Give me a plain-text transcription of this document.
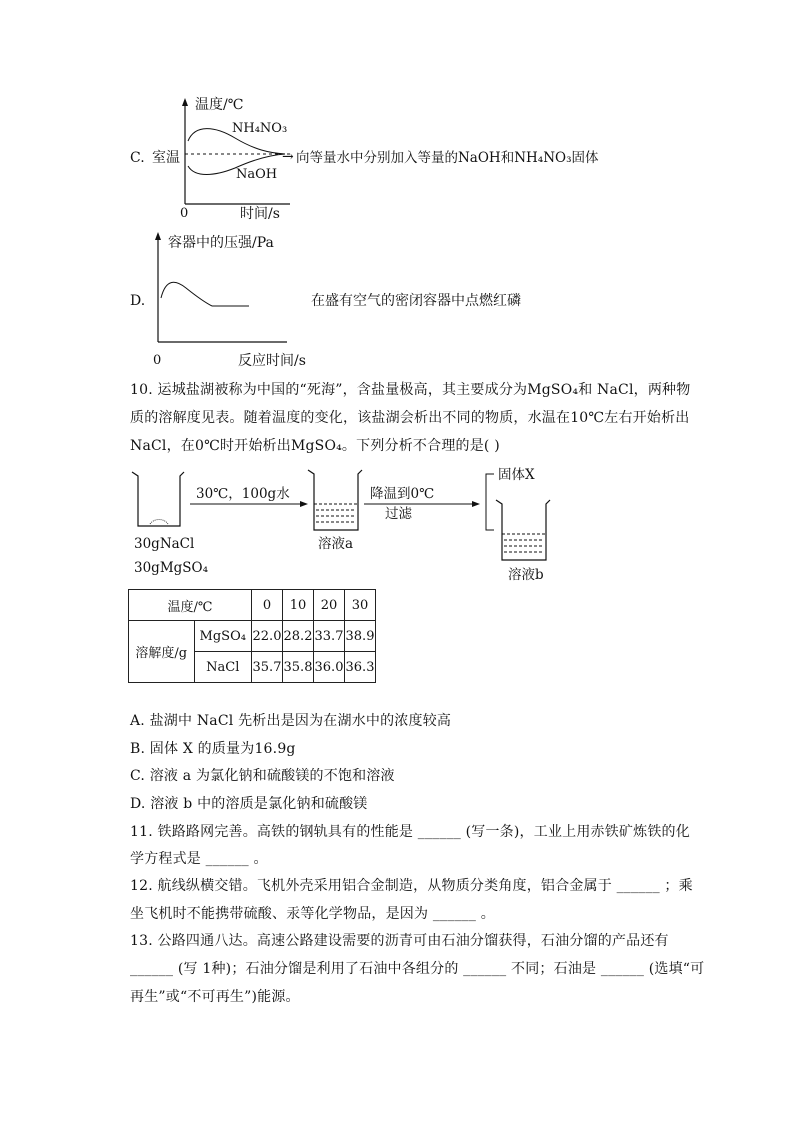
C. 室温
温度/℃
NH₄NO₃
NaOH
0	时间/s
→ 向等量水中分别加入等量的NaOH和NH₄NO₃固体
D.
容器中的压强/Pa
0	反应时间/s
在盛有空气的密闭容器中点燃红磷
10. 运城盐湖被称为中国的“死海”，含盐量极高，其主要成分为MgSO₄和 NaCl，两种物
质的溶解度见表。随着温度的变化，该盐湖会析出不同的物质，水温在10℃左右开始析出
NaCl，在0℃时开始析出MgSO₄。下列分析不合理的是( )
30℃，100g水	降温到0℃
过滤
固体X
30gNaCl
30gMgSO₄
溶液a
溶液b
温度/℃		0	10	20	30
溶解度/g	MgSO₄	22.0	28.2	33.7	38.9
	NaCl	35.7	35.8	36.0	36.3
A. 盐湖中 NaCl 先析出是因为在湖水中的浓度较高
B. 固体 X 的质量为16.9g
C. 溶液 a 为氯化钠和硫酸镁的不饱和溶液
D. 溶液 b 中的溶质是氯化钠和硫酸镁
11. 铁路路网完善。高铁的钢轨具有的性能是 ______ (写一条)，工业上用赤铁矿炼铁的化
学方程式是 ______ 。
12. 航线纵横交错。飞机外壳采用铝合金制造，从物质分类角度，铝合金属于 ______ ；乘
坐飞机时不能携带硫酸、汞等化学物品，是因为 ______ 。
13. 公路四通八达。高速公路建设需要的沥青可由石油分馏获得，石油分馏的产品还有
______ (写 1种)；石油分馏是利用了石油中各组分的 ______ 不同；石油是 ______ (选填“可
再生”或“不可再生”)能源。
